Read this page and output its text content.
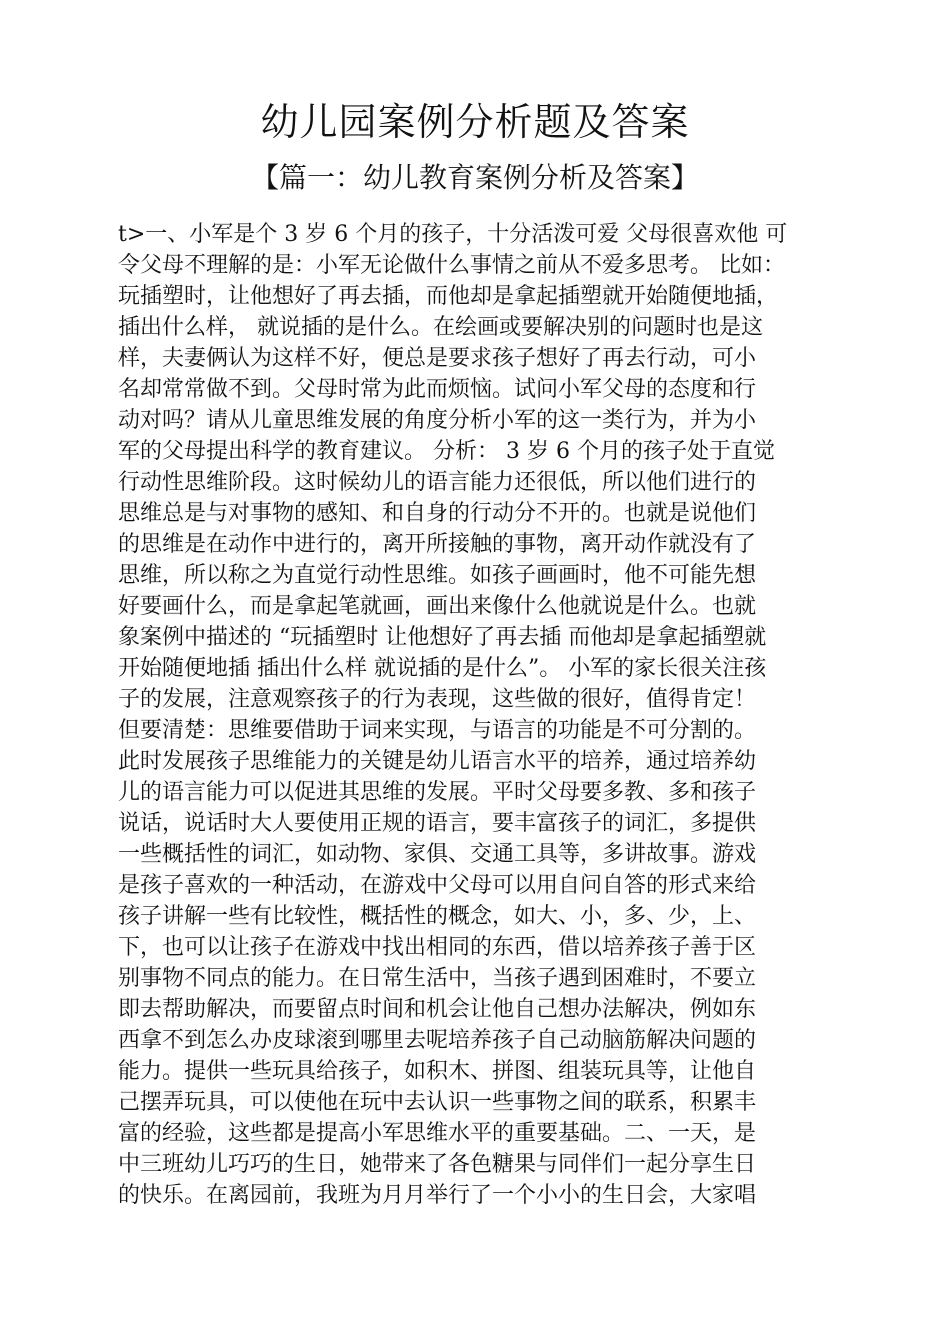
幼儿园案例分析题及答案
【篇一：幼儿教育案例分析及答案】
t>一、小军是个 3 岁 6 个月的孩子，十分活泼可爱 父母很喜欢他 可
令父母不理解的是：小军无论做什么事情之前从不爱多思考。 比如：
玩插塑时，让他想好了再去插，而他却是拿起插塑就开始随便地插，
插出什么样， 就说插的是什么。在绘画或要解决别的问题时也是这
样，夫妻俩认为这样不好，便总是要求孩子想好了再去行动，可小
名却常常做不到。父母时常为此而烦恼。试问小军父母的态度和行
动对吗？请从儿童思维发展的角度分析小军的这一类行为，并为小
军的父母提出科学的教育建议。 分析： 3 岁 6 个月的孩子处于直觉
行动性思维阶段。这时候幼儿的语言能力还很低，所以他们进行的
思维总是与对事物的感知、和自身的行动分不开的。也就是说他们
的思维是在动作中进行的，离开所接触的事物，离开动作就没有了
思维，所以称之为直觉行动性思维。如孩子画画时，他不可能先想
好要画什么，而是拿起笔就画，画出来像什么他就说是什么。也就
象案例中描述的 “玩插塑时 让他想好了再去插 而他却是拿起插塑就
开始随便地插 插出什么样 就说插的是什么”。 小军的家长很关注孩
子的发展，注意观察孩子的行为表现，这些做的很好，值得肯定！
但要清楚：思维要借助于词来实现，与语言的功能是不可分割的。
此时发展孩子思维能力的关键是幼儿语言水平的培养，通过培养幼
儿的语言能力可以促进其思维的发展。平时父母要多教、多和孩子
说话，说话时大人要使用正规的语言，要丰富孩子的词汇，多提供
一些概括性的词汇，如动物、家俱、交通工具等，多讲故事。游戏
是孩子喜欢的一种活动，在游戏中父母可以用自问自答的形式来给
孩子讲解一些有比较性，概括性的概念，如大、小，多、少，上、
下，也可以让孩子在游戏中找出相同的东西，借以培养孩子善于区
别事物不同点的能力。在日常生活中，当孩子遇到困难时，不要立
即去帮助解决，而要留点时间和机会让他自己想办法解决，例如东
西拿不到怎么办皮球滚到哪里去呢培养孩子自己动脑筋解决问题的
能力。提供一些玩具给孩子，如积木、拼图、组装玩具等，让他自
己摆弄玩具，可以使他在玩中去认识一些事物之间的联系，积累丰
富的经验，这些都是提高小军思维水平的重要基础。二、一天，是
中三班幼儿巧巧的生日，她带来了各色糖果与同伴们一起分享生日
的快乐。在离园前，我班为月月举行了一个小小的生日会，大家唱
